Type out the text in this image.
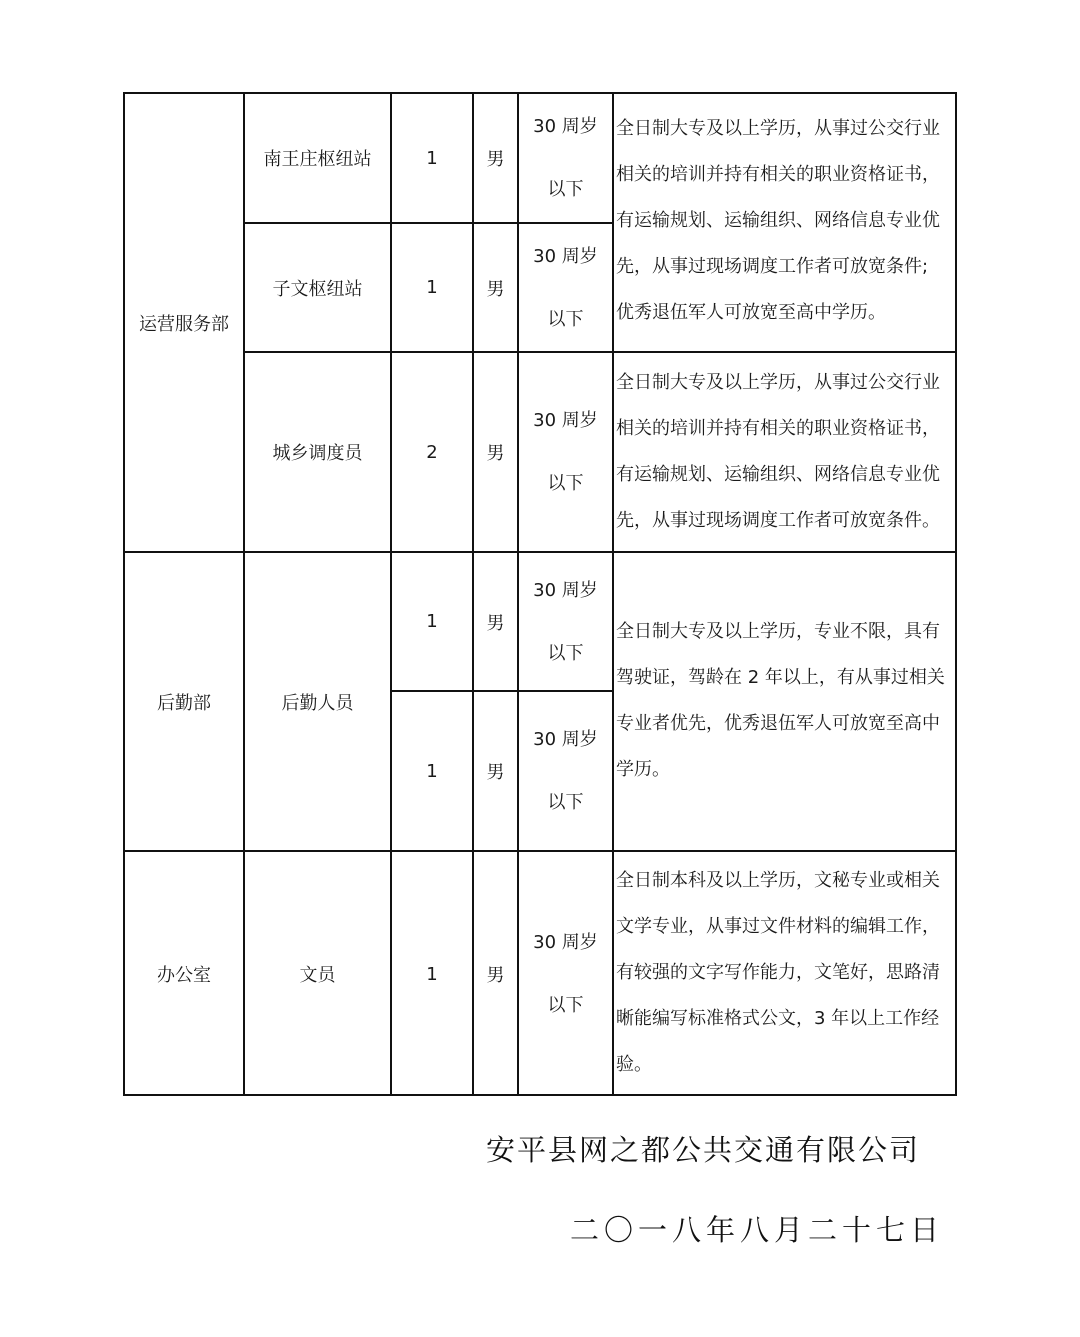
运营服务部
后勤部
办公室
南王庄枢纽站
子文枢纽站
城乡调度员
后勤人员
文员
1
1
2
1
1
1
男
男
男
男
男
男
30 周岁
以下
30 周岁
以下
30 周岁
以下
30 周岁
以下
30 周岁
以下
30 周岁
以下
全日制大专及以上学历，从事过公交行业
相关的培训并持有相关的职业资格证书，
有运输规划、运输组织、网络信息专业优
先，从事过现场调度工作者可放宽条件;
优秀退伍军人可放宽至高中学历。
全日制大专及以上学历，从事过公交行业
相关的培训并持有相关的职业资格证书，
有运输规划、运输组织、网络信息专业优
先，从事过现场调度工作者可放宽条件。
全日制大专及以上学历，专业不限，具有
驾驶证，驾龄在 2 年以上，有从事过相关
专业者优先，优秀退伍军人可放宽至高中
学历。
全日制本科及以上学历，文秘专业或相关
文学专业，从事过文件材料的编辑工作，
有较强的文字写作能力，文笔好，思路清
晰能编写标准格式公文，3 年以上工作经
验。
安平县网之都公共交通有限公司
二〇一八年八月二十七日
